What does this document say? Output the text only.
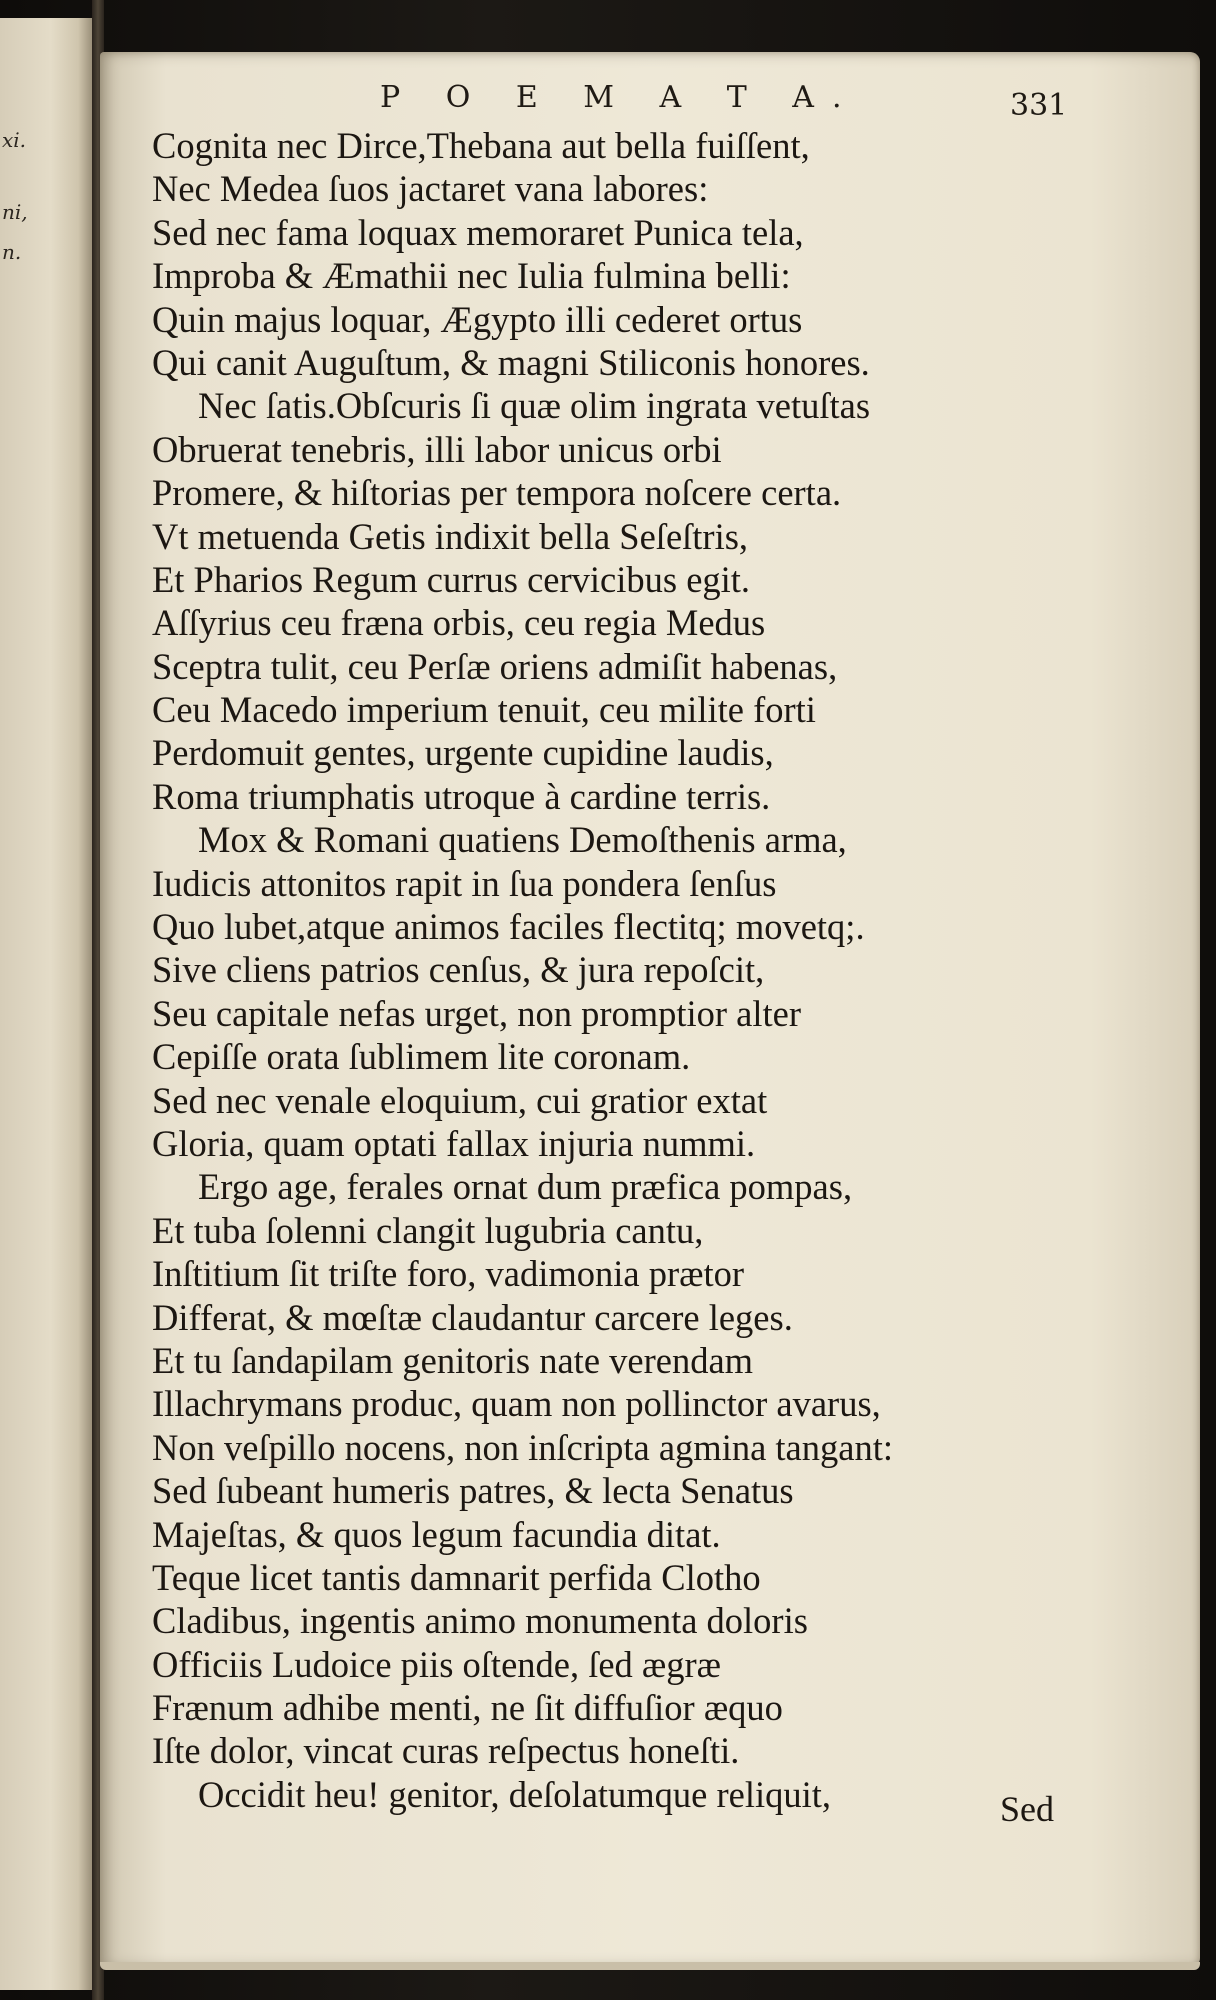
xi.
ni,
n.
P O E M A T A.	331
Cognita nec Dirce,Thebana aut bella fuiſſent,
Nec Medea ſuos jactaret vana labores:
Sed nec fama loquax memoraret Punica tela,
Improba & Æmathii nec Iulia fulmina belli:
Quin majus loquar, Ægypto illi cederet ortus
Qui canit Auguſtum, & magni Stiliconis honores.
Nec ſatis.Obſcuris ſi quæ olim ingrata vetuſtas
Obruerat tenebris, illi labor unicus orbi
Promere, & hiſtorias per tempora noſcere certa.
Vt metuenda Getis indixit bella Seſeſtris,
Et Pharios Regum currus cervicibus egit.
Aſſyrius ceu fræna orbis, ceu regia Medus
Sceptra tulit, ceu Perſæ oriens admiſit habenas,
Ceu Macedo imperium tenuit, ceu milite forti
Perdomuit gentes, urgente cupidine laudis,
Roma triumphatis utroque à cardine terris.
Mox & Romani quatiens Demoſthenis arma,
Iudicis attonitos rapit in ſua pondera ſenſus
Quo lubet,atque animos faciles flectitq; movetq;.
Sive cliens patrios cenſus, & jura repoſcit,
Seu capitale nefas urget, non promptior alter
Cepiſſe orata ſublimem lite coronam.
Sed nec venale eloquium, cui gratior extat
Gloria, quam optati fallax injuria nummi.
Ergo age, ferales ornat dum præfica pompas,
Et tuba ſolenni clangit lugubria cantu,
Inſtitium ſit triſte foro, vadimonia prætor
Differat, & mœſtæ claudantur carcere leges.
Et tu ſandapilam genitoris nate verendam
Illachrymans produc, quam non pollinctor avarus,
Non veſpillo nocens, non inſcripta agmina tangant:
Sed ſubeant humeris patres, & lecta Senatus
Majeſtas, & quos legum facundia ditat.
Teque licet tantis damnarit perfida Clotho
Cladibus, ingentis animo monumenta doloris
Officiis Ludoice piis oſtende, ſed ægræ
Frænum adhibe menti, ne ſit diffuſior æquo
Iſte dolor, vincat curas reſpectus honeſti.
Occidit heu! genitor, deſolatumque reliquit,	Sed
